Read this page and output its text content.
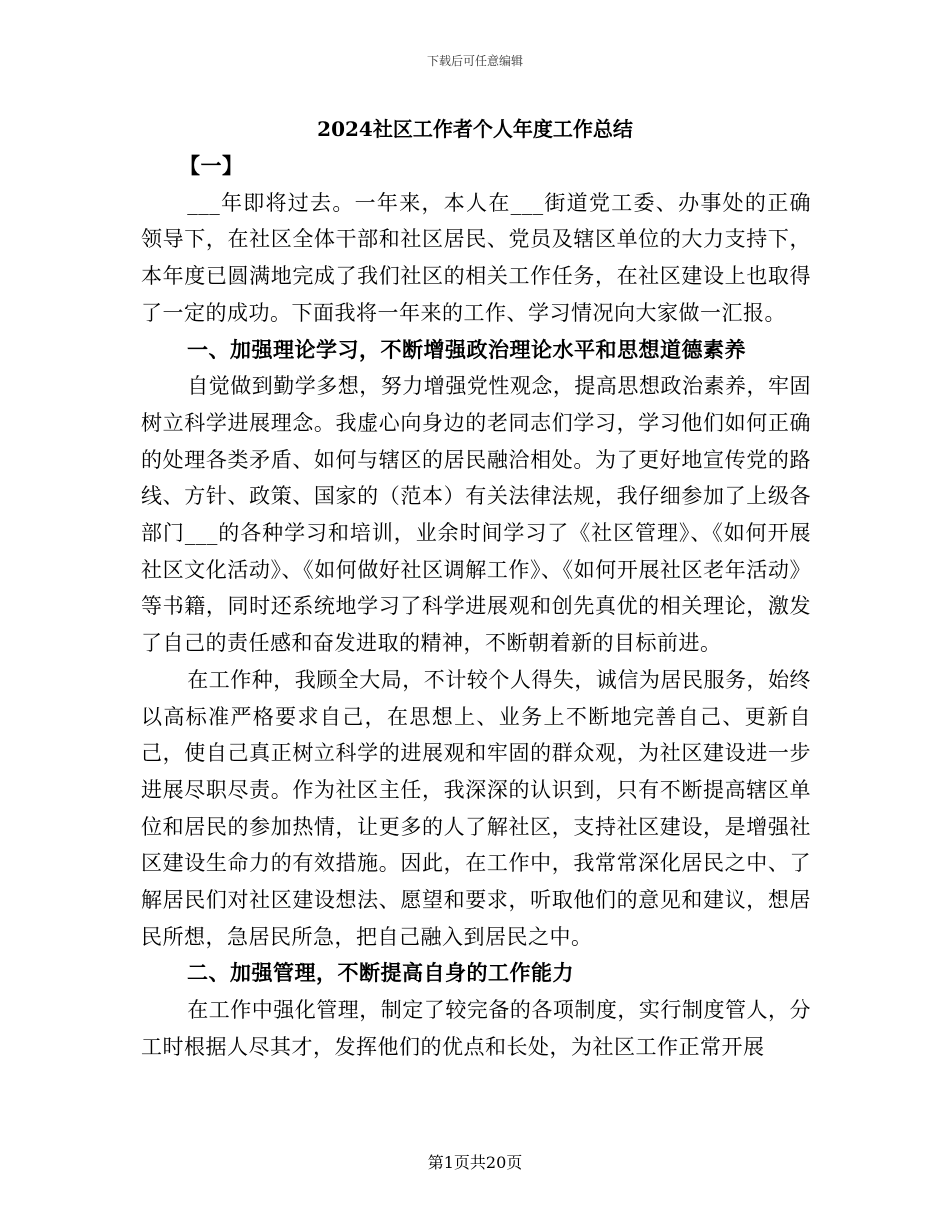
下载后可任意编辑
2024社区工作者个人年度工作总结

【一】

___年即将过去。一年来，本人在___街道党工委、办事处的正确领导下，在社区全体干部和社区居民、党员及辖区单位的大力支持下，本年度已圆满地完成了我们社区的相关工作任务，在社区建设上也取得了一定的成功。下面我将一年来的工作、学习情况向大家做一汇报。

一、加强理论学习，不断增强政治理论水平和思想道德素养

自觉做到勤学多想，努力增强党性观念，提高思想政治素养，牢固树立科学进展理念。我虚心向身边的老同志们学习，学习他们如何正确的处理各类矛盾、如何与辖区的居民融洽相处。为了更好地宣传党的路线、方针、政策、国家的（范本）有关法律法规，我仔细参加了上级各部门___的各种学习和培训，业余时间学习了《社区管理》、《如何开展社区文化活动》、《如何做好社区调解工作》、《如何开展社区老年活动》等书籍，同时还系统地学习了科学进展观和创先真优的相关理论，激发了自己的责任感和奋发进取的精神，不断朝着新的目标前进。

在工作种，我顾全大局，不计较个人得失，诚信为居民服务，始终以高标准严格要求自己，在思想上、业务上不断地完善自己、更新自己，使自己真正树立科学的进展观和牢固的群众观，为社区建设进一步进展尽职尽责。作为社区主任，我深深的认识到，只有不断提高辖区单位和居民的参加热情，让更多的人了解社区，支持社区建设，是增强社区建设生命力的有效措施。因此，在工作中，我常常深化居民之中、了解居民们对社区建设想法、愿望和要求，听取他们的意见和建议，想居民所想，急居民所急，把自己融入到居民之中。

二、加强管理，不断提高自身的工作能力

在工作中强化管理，制定了较完备的各项制度，实行制度管人，分工时根据人尽其才，发挥他们的优点和长处，为社区工作正常开展

第1页共20页
